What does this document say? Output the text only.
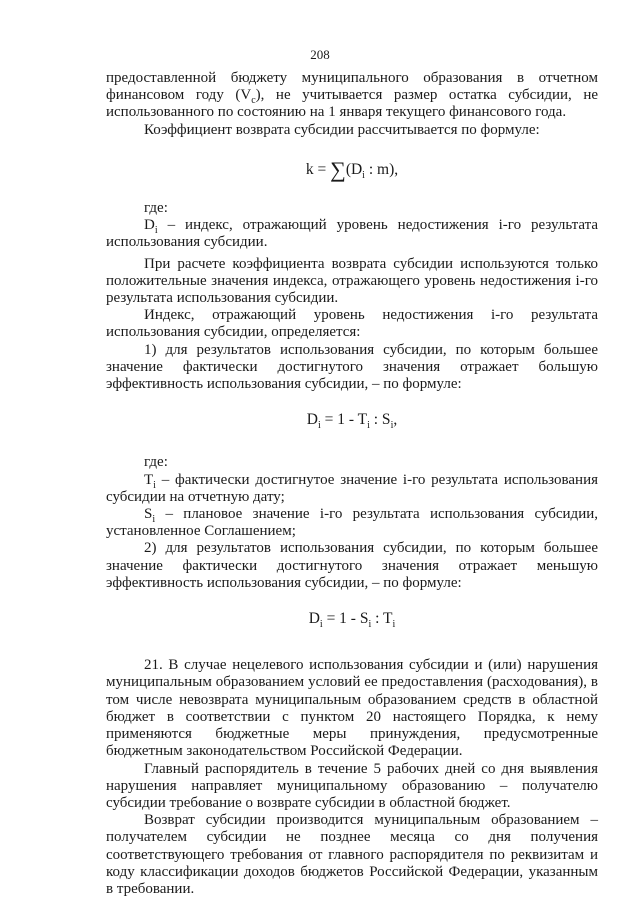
208

предоставленной бюджету муниципального образования в отчетном финансовом году $(V_c)$, не учитывается размер остатка субсидии, не использованного по состоянию на 1 января текущего финансового года.

Коэффициент возврата субсидии рассчитывается по формуле:

$k = \sum(D_i$ : m),

где:

$D_i$ – индекс, отражающий уровень недостижения i-го результата использования субсидии.

При расчете коэффициента возврата субсидии используются только положительные значения индекса, отражающего уровень недостижения i-го результата использования субсидии.

Индекс, отражающий уровень недостижения i-го результата использования субсидии, определяется:

1) для результатов использования субсидии, по которым большее значение фактически достигнутого значения отражает большую эффективность использования субсидии, – по формуле:

$D_i = 1 - T_i$ : $S_i$,

где:

$T_i$ – фактически достигнутое значение i-го результата использования субсидии на отчетную дату;

$S_i$ – плановое значение i-го результата использования субсидии, установленное Соглашением;

2) для результатов использования субсидии, по которым большее значение фактически достигнутого значения отражает меньшую эффективность использования субсидии, – по формуле:

$D_i = 1 - S_i$ : $T_i$

21. В случае нецелевого использования субсидии и (или) нарушения муниципальным образованием условий ее предоставления (расходования), в том числе невозврата муниципальным образованием средств в областной бюджет в соответствии с пунктом 20 настоящего Порядка, к нему применяются бюджетные меры принуждения, предусмотренные бюджетным законодательством Российской Федерации.

Главный распорядитель в течение 5 рабочих дней со дня выявления нарушения направляет муниципальному образованию – получателю субсидии требование о возврате субсидии в областной бюджет.

Возврат субсидии производится муниципальным образованием – получателем субсидии не позднее месяца со дня получения соответствующего требования от главного распорядителя по реквизитам и коду классификации доходов бюджетов Российской Федерации, указанным в требовании.
